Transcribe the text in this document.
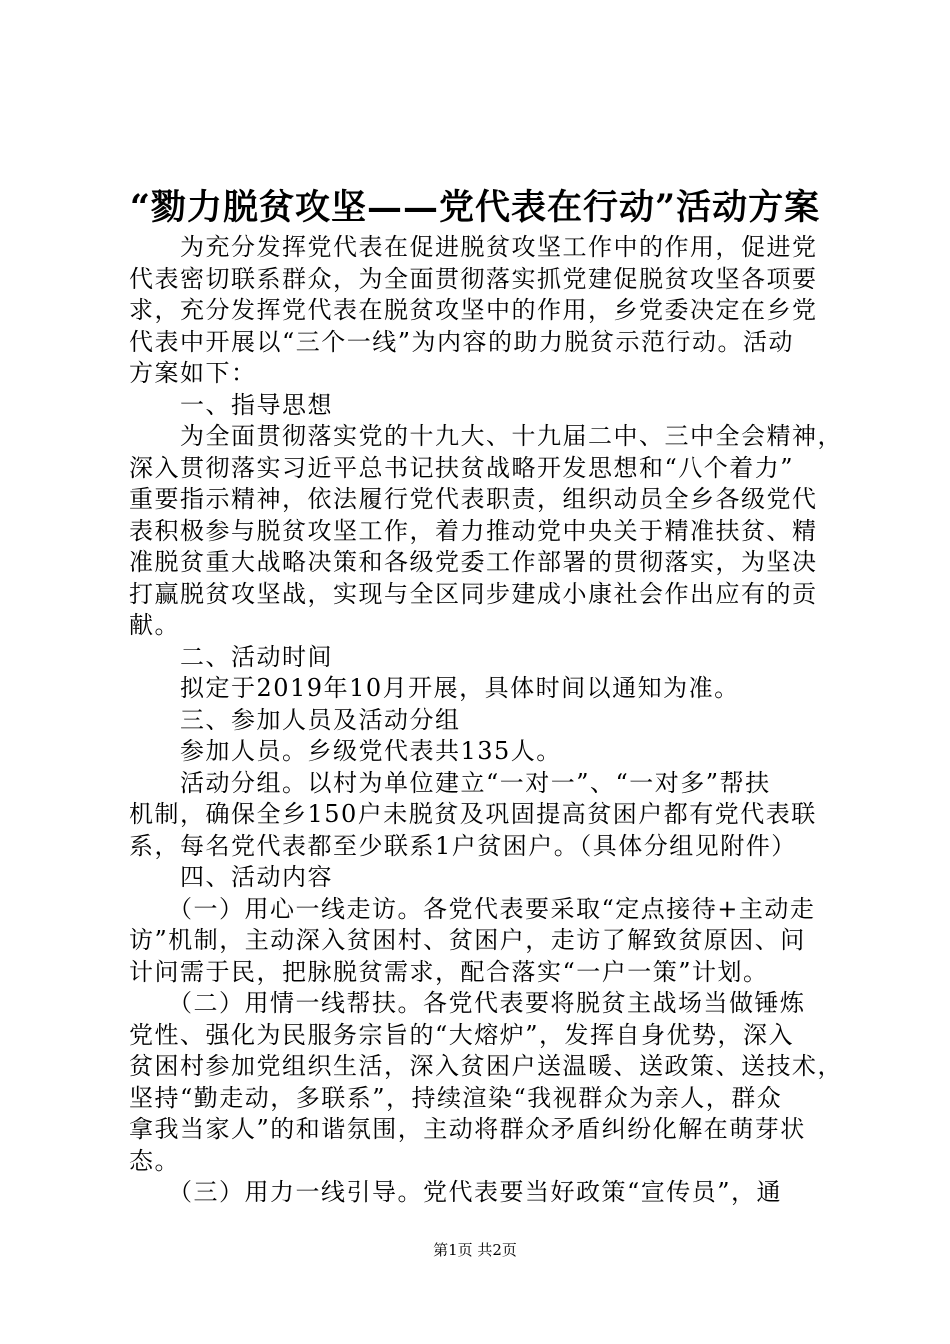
“勠力脱贫攻坚——党代表在行动”活动方案

　　为充分发挥党代表在促进脱贫攻坚工作中的作用，促进党

代表密切联系群众，为全面贯彻落实抓党建促脱贫攻坚各项要

求，充分发挥党代表在脱贫攻坚中的作用，乡党委决定在乡党

代表中开展以“三个一线”为内容的助力脱贫示范行动。活动

方案如下：

　　一、指导思想

　　为全面贯彻落实党的十九大、十九届二中、三中全会精神，

深入贯彻落实习近平总书记扶贫战略开发思想和“八个着力”

重要指示精神，依法履行党代表职责，组织动员全乡各级党代

表积极参与脱贫攻坚工作，着力推动党中央关于精准扶贫、精

准脱贫重大战略决策和各级党委工作部署的贯彻落实，为坚决

打赢脱贫攻坚战，实现与全区同步建成小康社会作出应有的贡

献。

　　二、活动时间

　　拟定于2019年10月开展，具体时间以通知为准。

　　三、参加人员及活动分组

　　参加人员。乡级党代表共135人。

　　活动分组。以村为单位建立“一对一”、“一对多”帮扶

机制，确保全乡150户未脱贫及巩固提高贫困户都有党代表联

系，每名党代表都至少联系1户贫困户。（具体分组见附件）

　　四、活动内容

　　（一）用心一线走访。各党代表要采取“定点接待+主动走

访”机制，主动深入贫困村、贫困户，走访了解致贫原因、问

计问需于民，把脉脱贫需求，配合落实“一户一策”计划。

　　（二）用情一线帮扶。各党代表要将脱贫主战场当做锤炼

党性、强化为民服务宗旨的“大熔炉”，发挥自身优势，深入

贫困村参加党组织生活，深入贫困户送温暖、送政策、送技术，

坚持“勤走动，多联系”，持续渲染“我视群众为亲人，群众

拿我当家人”的和谐氛围，主动将群众矛盾纠纷化解在萌芽状

态。

　　（三）用力一线引导。党代表要当好政策“宣传员”，通

第1页 共2页
